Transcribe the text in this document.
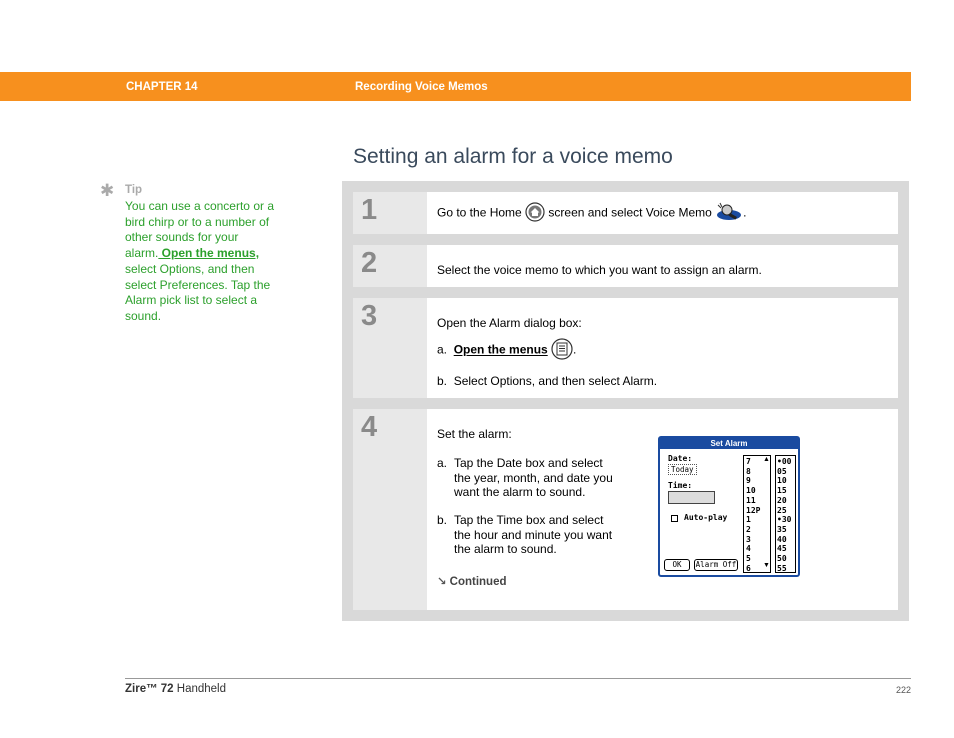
CHAPTER 14	Recording Voice Memos
Setting an alarm for a voice memo
✱ Tip
You can use a concerto or a bird chirp or to a number of other sounds for your alarm. Open the menus, select Options, and then select Preferences. Tap the Alarm pick list to select a sound.
1	Go to the Home screen and select Voice Memo	.
2	Select the voice memo to which you want to assign an alarm.
3	Open the Alarm dialog box:
a. Open the menus .
b. Select Options, and then select Alarm.
4	Set the alarm:
a. Tap the Date box and select
the year, month, and date you
want the alarm to sound.
b. Tap the Time box and select
the hour and minute you want
the alarm to sound.
↘ Continued
Set Alarm
Date:
Today
Time:
Auto-play
OK	Alarm Off
▲
▼
7
8
9
10
11
12P
1
2
3
4
5
6
•00
05
10
15
20
25
•30
35
40
45
50
55
Zire™ 72 Handheld	222
